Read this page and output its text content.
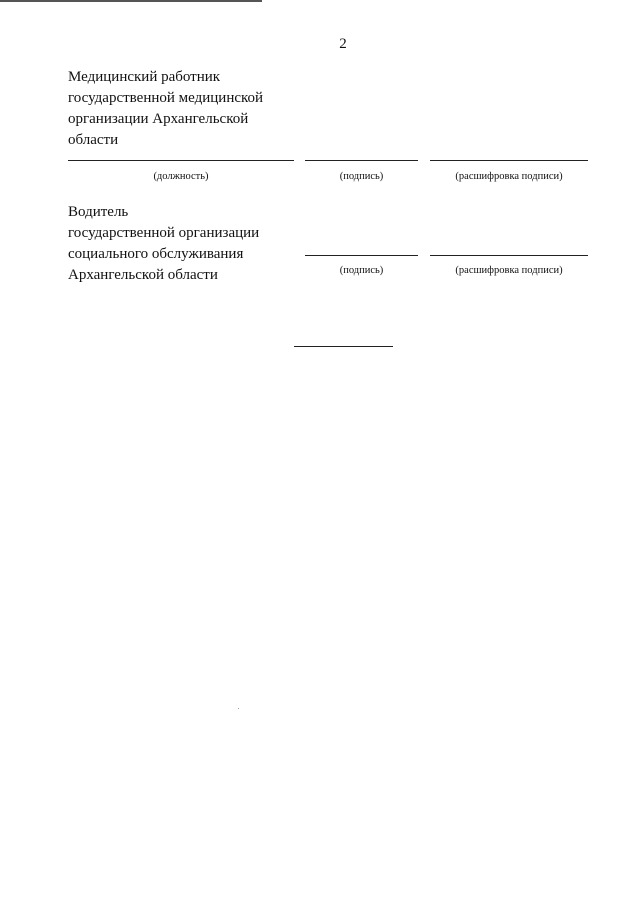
2
Медицинский работник
государственной медицинской
организации Архангельской
области
(должность)	(подпись)	(расшифровка подписи)
Водитель
государственной организации
социального обслуживания
Архангельской области	(подпись)	(расшифровка подписи)
